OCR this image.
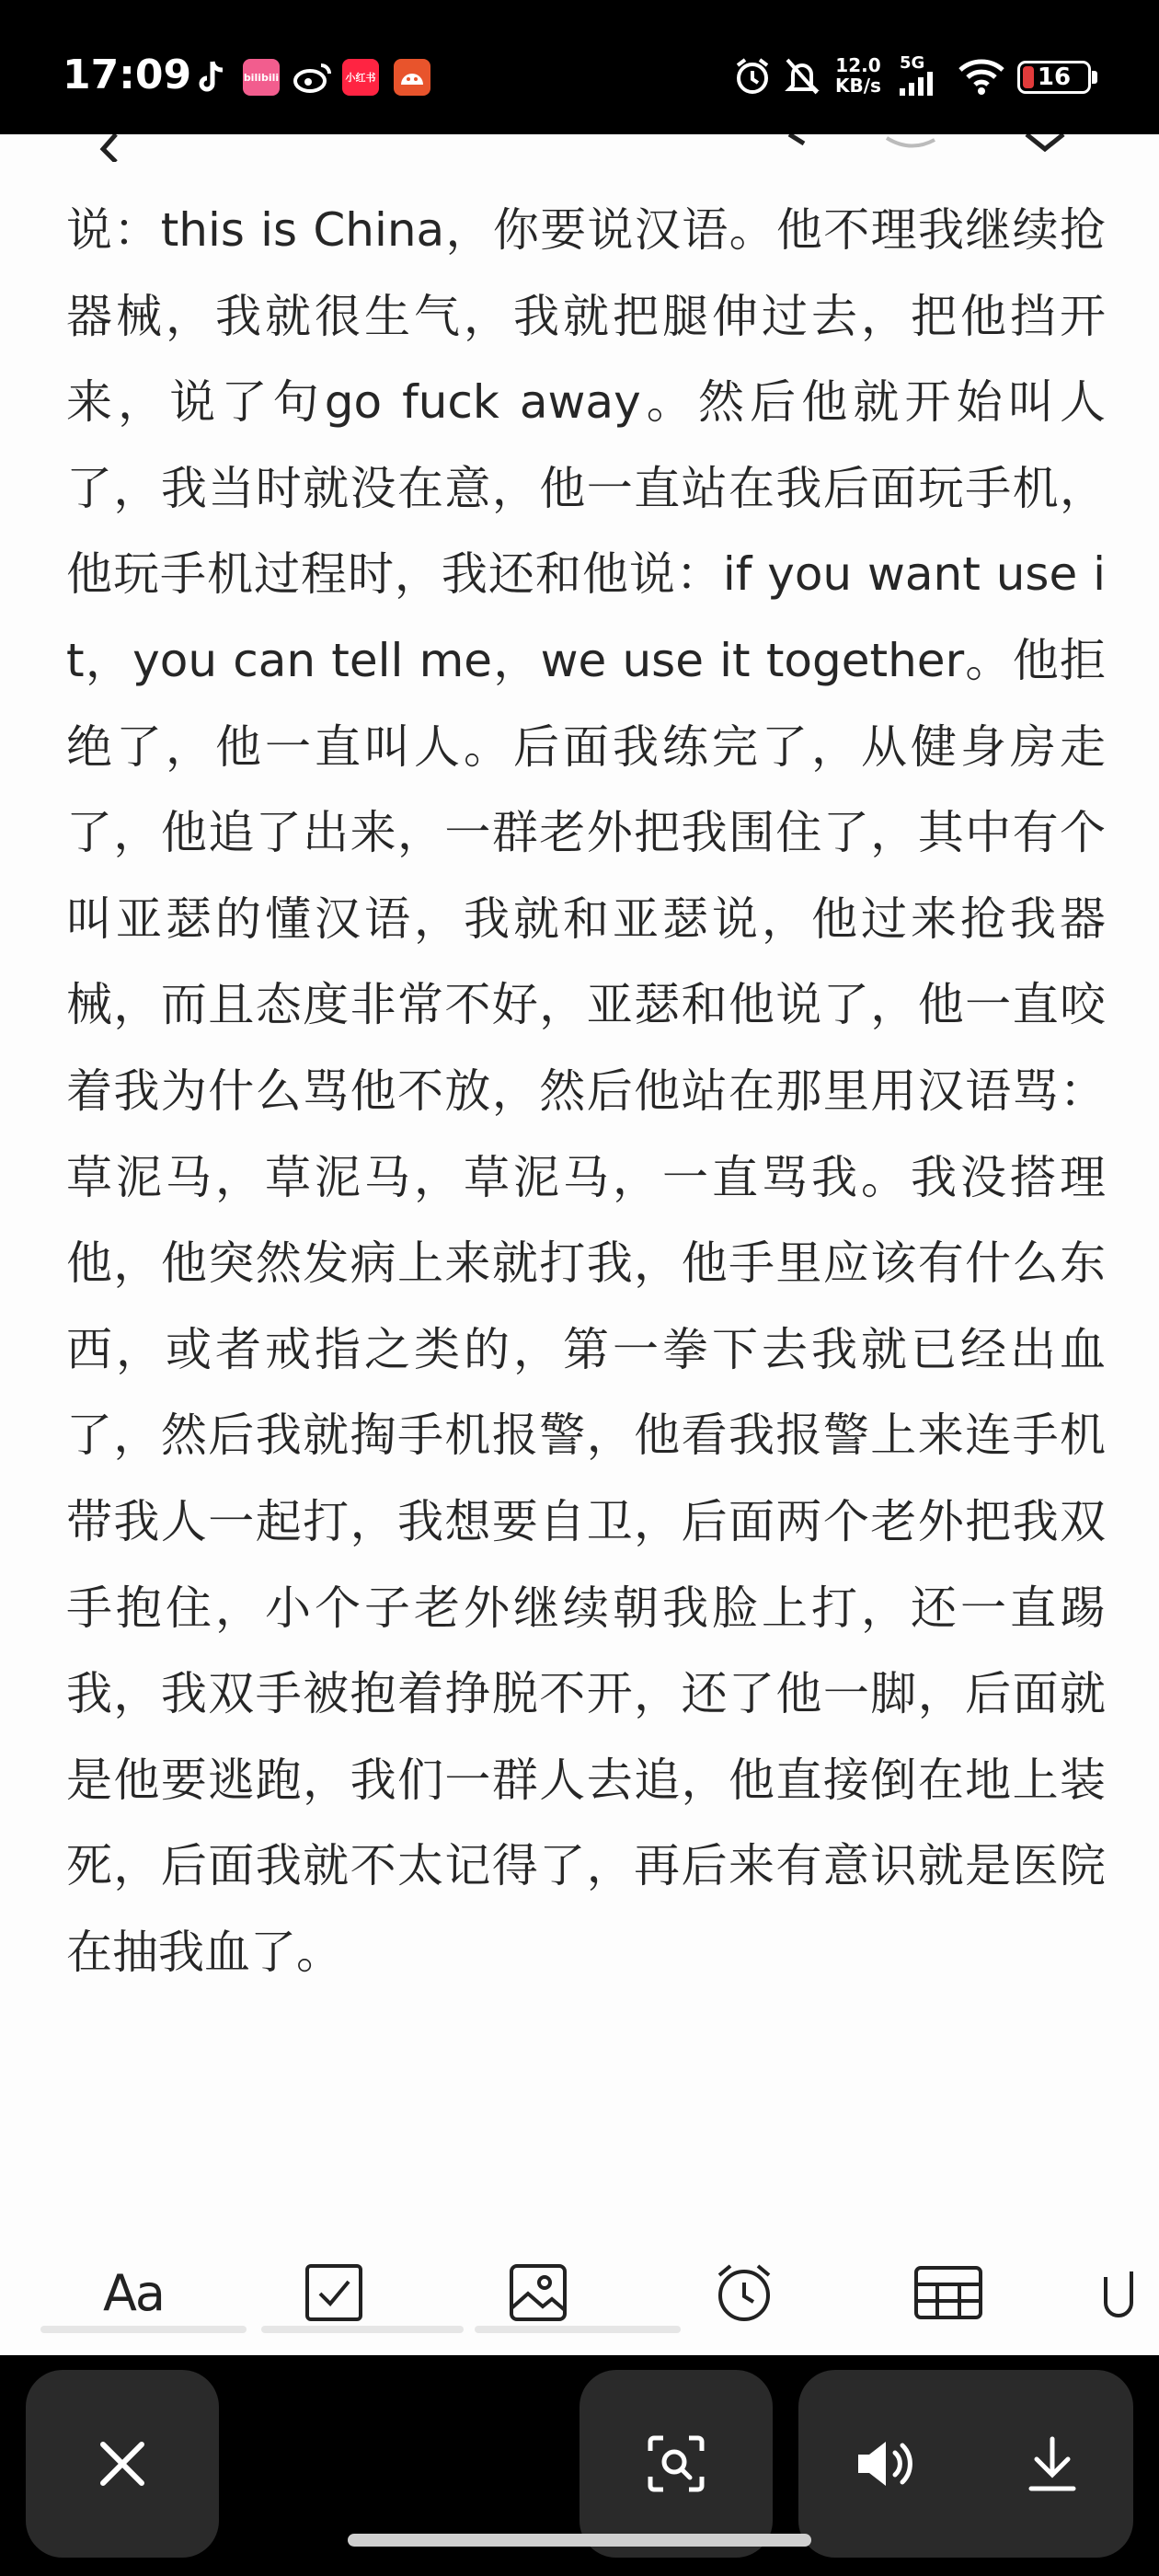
17:09	bilibili	小红书
12.0
KB/s
5G
16

说：this is China，你要说汉语。他不理我继续抢器械，我就很生气，我就把腿伸过去，把他挡开来，说了句go fuck away。然后他就开始叫人了，我当时就没在意，他一直站在我后面玩手机，他玩手机过程时，我还和他说：if you want use it，you can tell me，we use it together。他拒绝了，他一直叫人。后面我练完了，从健身房走了，他追了出来，一群老外把我围住了，其中有个叫亚瑟的懂汉语，我就和亚瑟说，他过来抢我器械，而且态度非常不好，亚瑟和他说了，他一直咬着我为什么骂他不放，然后他站在那里用汉语骂：草泥马，草泥马，草泥马，一直骂我。我没搭理他，他突然发病上来就打我，他手里应该有什么东西，或者戒指之类的，第一拳下去我就已经出血了，然后我就掏手机报警，他看我报警上来连手机带我人一起打，我想要自卫，后面两个老外把我双手抱住，小个子老外继续朝我脸上打，还一直踢我，我双手被抱着挣脱不开，还了他一脚，后面就是他要逃跑，我们一群人去追，他直接倒在地上装死，后面我就不太记得了，再后来有意识就是医院在抽我血了。

Aa
